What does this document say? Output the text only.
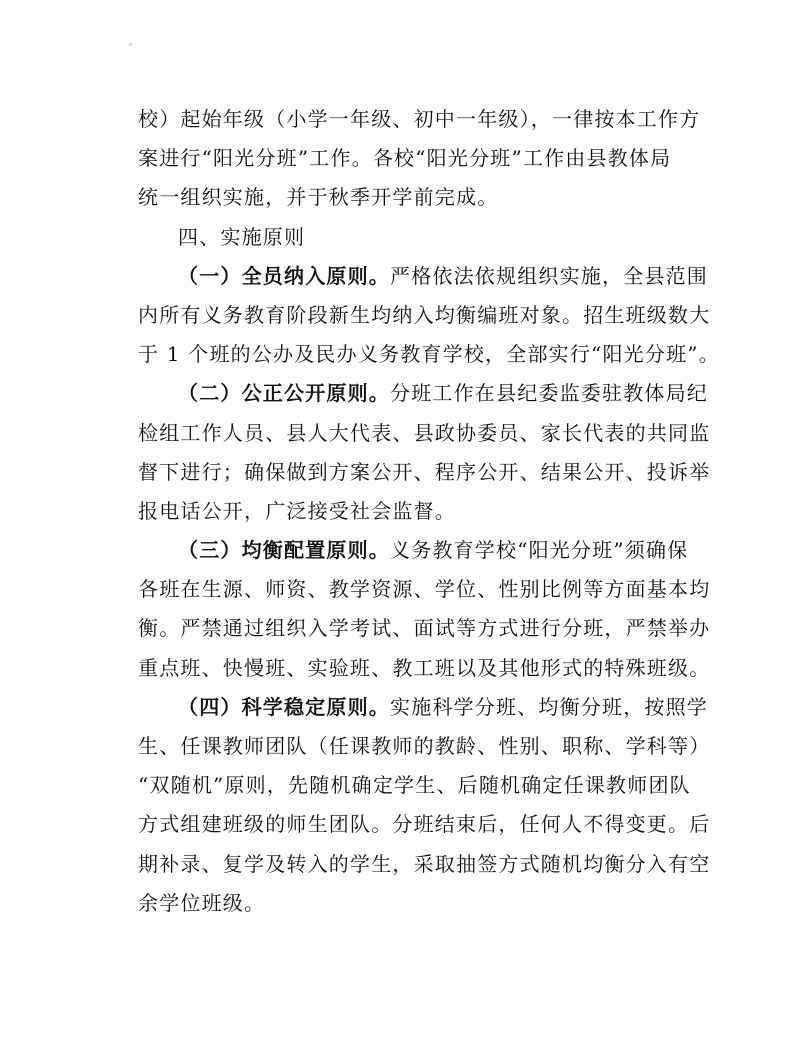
校）起始年级（小学一年级、初中一年级），一律按本工作方
案进行“阳光分班”工作。各校“阳光分班”工作由县教体局
统一组织实施，并于秋季开学前完成。
四、实施原则
（一）全员纳入原则。严格依法依规组织实施，全县范围
内所有义务教育阶段新生均纳入均衡编班对象。招生班级数大
于 1 个班的公办及民办义务教育学校，全部实行“阳光分班”。
（二）公正公开原则。分班工作在县纪委监委驻教体局纪
检组工作人员、县人大代表、县政协委员、家长代表的共同监
督下进行；确保做到方案公开、程序公开、结果公开、投诉举
报电话公开，广泛接受社会监督。
（三）均衡配置原则。义务教育学校“阳光分班”须确保
各班在生源、师资、教学资源、学位、性别比例等方面基本均
衡。严禁通过组织入学考试、面试等方式进行分班，严禁举办
重点班、快慢班、实验班、教工班以及其他形式的特殊班级。
（四）科学稳定原则。实施科学分班、均衡分班，按照学
生、任课教师团队（任课教师的教龄、性别、职称、学科等）
“双随机”原则，先随机确定学生、后随机确定任课教师团队
方式组建班级的师生团队。分班结束后，任何人不得变更。后
期补录、复学及转入的学生，采取抽签方式随机均衡分入有空
余学位班级。
